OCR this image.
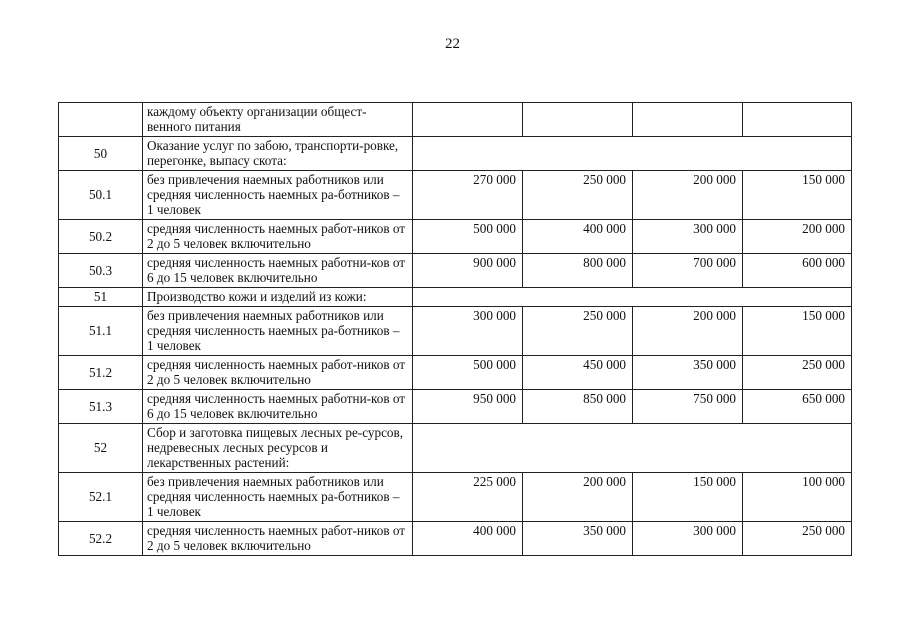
22
	каждому объекту организации общест-венного питания				
50	Оказание услуг по забою, транспорти-ровке, перегонке, выпасу скота:				
50.1	без привлечения наемных работников или средняя численность наемных ра-ботников – 1 человек	270 000	250 000	200 000	150 000
50.2	средняя численность наемных работ-ников от 2 до 5 человек включительно	500 000	400 000	300 000	200 000
50.3	средняя численность наемных работни-ков от 6 до 15 человек включительно	900 000	800 000	700 000	600 000
51	Производство кожи и изделий из кожи:				
51.1	без привлечения наемных работников или средняя численность наемных ра-ботников – 1 человек	300 000	250 000	200 000	150 000
51.2	средняя численность наемных работ-ников от 2 до 5 человек включительно	500 000	450 000	350 000	250 000
51.3	средняя численность наемных работни-ков от 6 до 15 человек включительно	950 000	850 000	750 000	650 000
52	Сбор и заготовка пищевых лесных ре-сурсов, недревесных лесных ресурсов и лекарственных растений:				
52.1	без привлечения наемных работников или средняя численность наемных ра-ботников – 1 человек	225 000	200 000	150 000	100 000
52.2	средняя численность наемных работ-ников от 2 до 5 человек включительно	400 000	350 000	300 000	250 000
